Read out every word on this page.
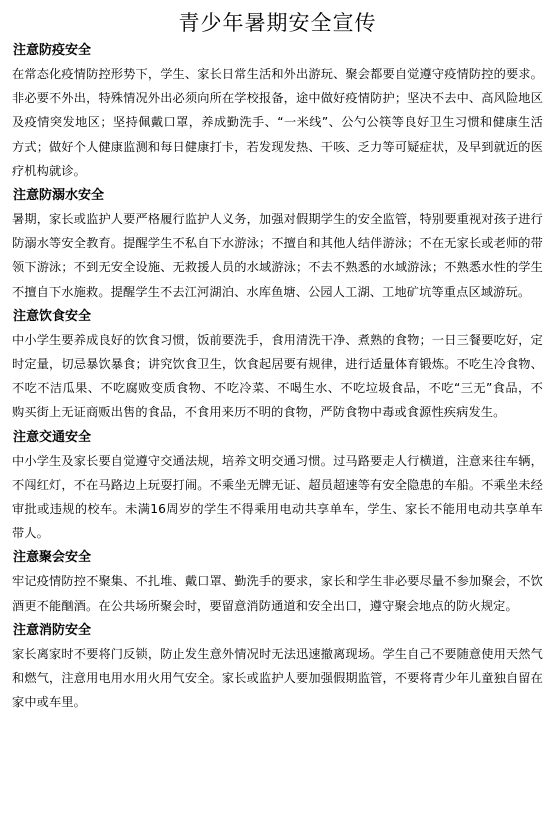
青少年暑期安全宣传
注意防疫安全

在常态化疫情防控形势下，学生、家长日常生活和外出游玩、聚会都要自觉遵守疫情防控的要求。非必要不外出，特殊情况外出必须向所在学校报备，途中做好疫情防护；坚决不去中、高风险地区及疫情突发地区；坚持佩戴口罩，养成勤洗手、“一米线”、公勺公筷等良好卫生习惯和健康生活方式；做好个人健康监测和每日健康打卡，若发现发热、干咳、乏力等可疑症状，及早到就近的医疗机构就诊。

注意防溺水安全

暑期，家长或监护人要严格履行监护人义务，加强对假期学生的安全监管，特别要重视对孩子进行防溺水等安全教育。提醒学生不私自下水游泳；不擅自和其他人结伴游泳；不在无家长或老师的带领下游泳；不到无安全设施、无救援人员的水域游泳；不去不熟悉的水域游泳；不熟悉水性的学生不擅自下水施救。提醒学生不去江河湖泊、水库鱼塘、公园人工湖、工地矿坑等重点区域游玩。

注意饮食安全

中小学生要养成良好的饮食习惯，饭前要洗手，食用清洗干净、煮熟的食物；一日三餐要吃好，定时定量，切忌暴饮暴食；讲究饮食卫生，饮食起居要有规律，进行适量体育锻炼。不吃生冷食物、不吃不洁瓜果、不吃腐败变质食物、不吃冷菜、不喝生水、不吃垃圾食品，不吃“三无”食品，不购买街上无证商贩出售的食品，不食用来历不明的食物，严防食物中毒或食源性疾病发生。

注意交通安全

中小学生及家长要自觉遵守交通法规，培养文明交通习惯。过马路要走人行横道，注意来往车辆，不闯红灯，不在马路边上玩耍打闹。不乘坐无牌无证、超员超速等有安全隐患的车船。不乘坐未经审批或违规的校车。未满16周岁的学生不得乘用电动共享单车，学生、家长不能用电动共享单车带人。

注意聚会安全

牢记疫情防控不聚集、不扎堆、戴口罩、勤洗手的要求，家长和学生非必要尽量不参加聚会，不饮酒更不能酗酒。在公共场所聚会时，要留意消防通道和安全出口，遵守聚会地点的防火规定。

注意消防安全

家长离家时不要将门反锁，防止发生意外情况时无法迅速撤离现场。学生自己不要随意使用天然气和燃气，注意用电用水用火用气安全。家长或监护人要加强假期监管，不要将青少年儿童独自留在家中或车里。
